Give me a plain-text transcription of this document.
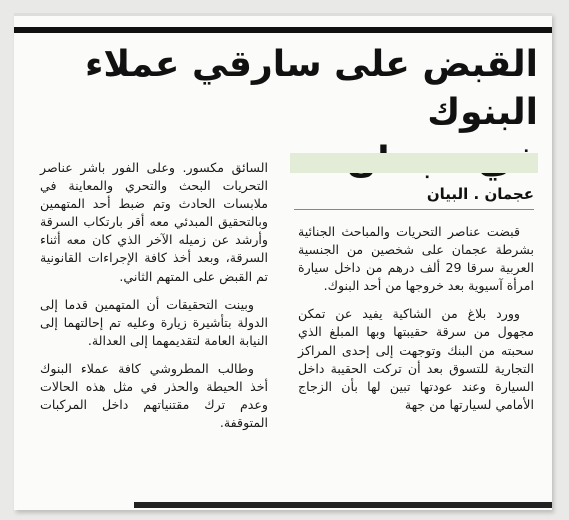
القبض على سارقي عملاء البنوك
عجمان . البيان

قبضت عناصر التحريات والمباحث الجنائية بشرطة عجمان على شخصين من الجنسية العربية سرقا 29 ألف درهم من داخل سيارة امرأة آسيوية بعد خروجها من أحد البنوك.

وورد بلاغ من الشاكية يفيد عن تمكن مجهول من سرقة حقيبتها وبها المبلغ الذي سحبته من البنك وتوجهت إلى إحدى المراكز التجارية للتسوق بعد أن تركت الحقيبة داخل السيارة وعند عودتها تبين لها بأن الزجاج الأمامي لسيارتها من جهة

السائق مكسور. وعلى الفور باشر عناصر التحريات البحث والتحري والمعاينة في ملابسات الحادث وتم ضبط أحد المتهمين وبالتحقيق المبدئي معه أقر بارتكاب السرقة وأرشد عن زميله الآخر الذي كان معه أثناء السرقة، وبعد أخذ كافة الإجراءات القانونية تم القبض على المتهم الثاني.

وبينت التحقيقات أن المتهمين قدما إلى الدولة بتأشيرة زيارة وعليه تم إحالتهما إلى النيابة العامة لتقديمهما إلى العدالة.

وطالب المطروشي كافة عملاء البنوك أخذ الحيطة والحذر في مثل هذه الحالات وعدم ترك مقتنياتهم داخل المركبات المتوقفة.
